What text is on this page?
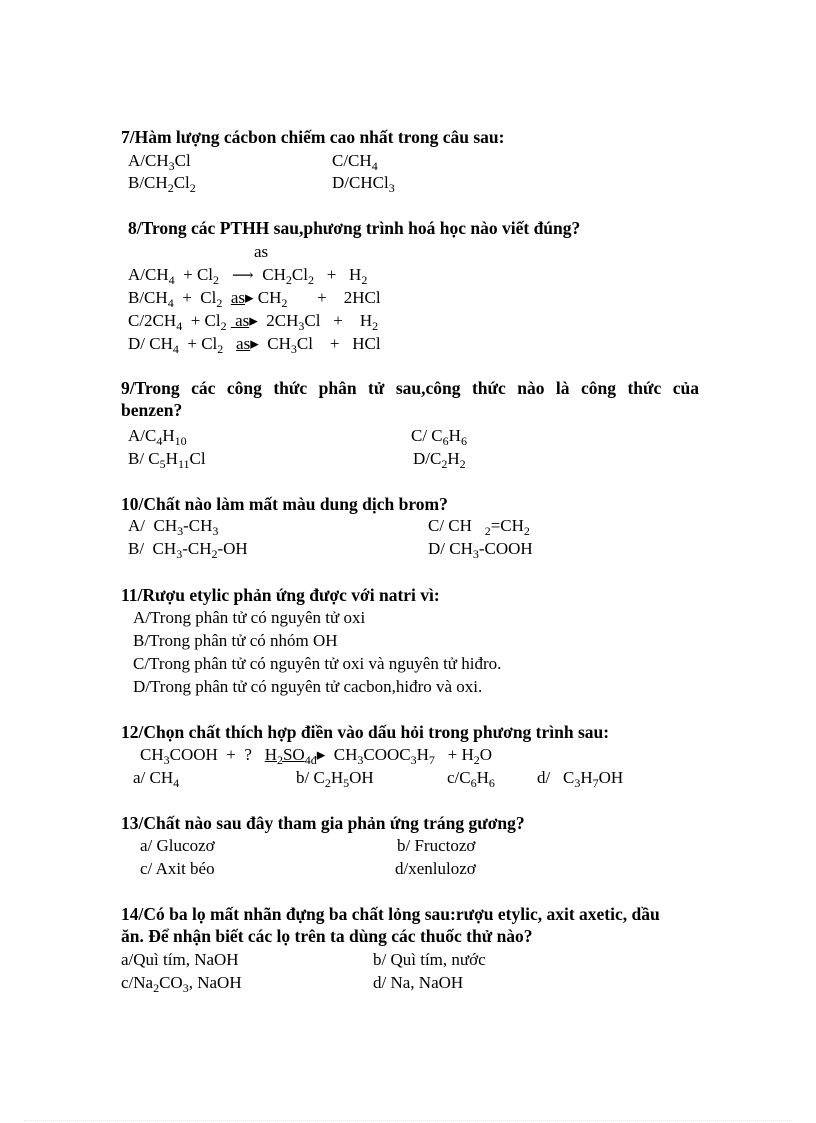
7/Hàm lượng cácbon chiếm cao nhất trong câu sau:
$A/CH_3Cl$	$C/CH_4$
$B/CH_2Cl_2$	D/CHCl$_3$
8/Trong các PTHH sau,phương trình hoá học nào viết đúng?
as
$A/CH_4 + Cl_2$ ⟶  $CH_2Cl_2 + H_2$
$B/CH_4 + Cl_2$ as▸ $CH_2$       +    2HCl
$C/2CH_4 + Cl_2$  as▸  $2CH_3Cl$   +    $H_2$
D/ $CH_4 + Cl_2$ as▸  $CH_3Cl$    +   HCl
9/Trong các công thức phân tử sau,công thức nào là công thức của
benzen?
$A/C_4H_{10}$	C/ $C_6H_6$
B/ $C_5H_{11}Cl$	$D/C_2H_2$
10/Chất nào làm mất màu dung dịch brom?
A/  $CH_3-CH_3$	C/ CH   $_2=CH_2$
B/  $CH_3-CH_2-OH$	D/ $CH_3$-COOH
11/Rượu etylic phản ứng được với natri vì:
A/Trong phân tử có nguyên tử oxi
B/Trong phân tử có nhóm OH
C/Trong phân tử có nguyên tử oxi và nguyên tử hiđro.
D/Trong phân tử có nguyên tử cacbon,hiđro và oxi.
12/Chọn chất thích hợp điền vào dấu hỏi trong phương trình sau:
$CH_3COOH$  +  ?   $H_2SO_{4đ}▸$  $CH_3COOC_3H_7 + H_2O$
a/ $CH_4$	b/ $C_2H_5OH$	$c/C_6H_6$ d/   $C_3H_7OH$
13/Chất nào sau đây tham gia phản ứng tráng gương?
a/ Glucozơ	b/ Fructozơ
c/ Axit béo	d/xenlulozơ
14/Có ba lọ mất nhãn đựng ba chất lỏng sau:rượu etylic, axit axetic, dầu
ăn. Để nhận biết các lọ trên ta dùng các thuốc thử nào?
a/Quì tím, NaOH	b/ Quì tím, nước
$c/Na_2CO_3$, NaOH	d/ Na, NaOH
